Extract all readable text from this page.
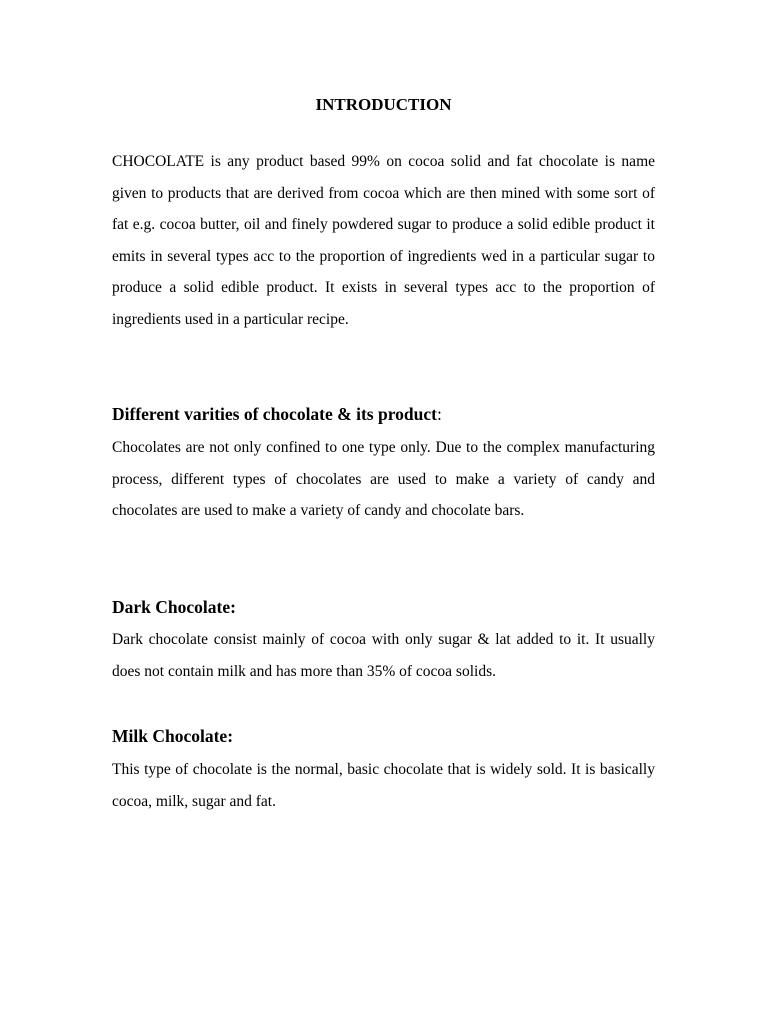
INTRODUCTION

CHOCOLATE is any product based 99% on cocoa solid and fat chocolate is name given to products that are derived from cocoa which are then mined with some sort of fat e.g. cocoa butter, oil and finely powdered sugar to produce a solid edible product it emits in several types acc to the proportion of ingredients wed in a particular sugar to produce a solid edible product. It exists in several types acc to the proportion of ingredients used in a particular recipe.

Different varities of chocolate & its product:

Chocolates are not only confined to one type only. Due to the complex manufacturing process, different types of chocolates are used to make a variety of candy and chocolates are used to make a variety of candy and chocolate bars.

Dark Chocolate:

Dark chocolate consist mainly of cocoa with only sugar & lat added to it. It usually does not contain milk and has more than 35% of cocoa solids.

Milk Chocolate:

This type of chocolate is the normal, basic chocolate that is widely sold. It is basically cocoa, milk, sugar and fat.
